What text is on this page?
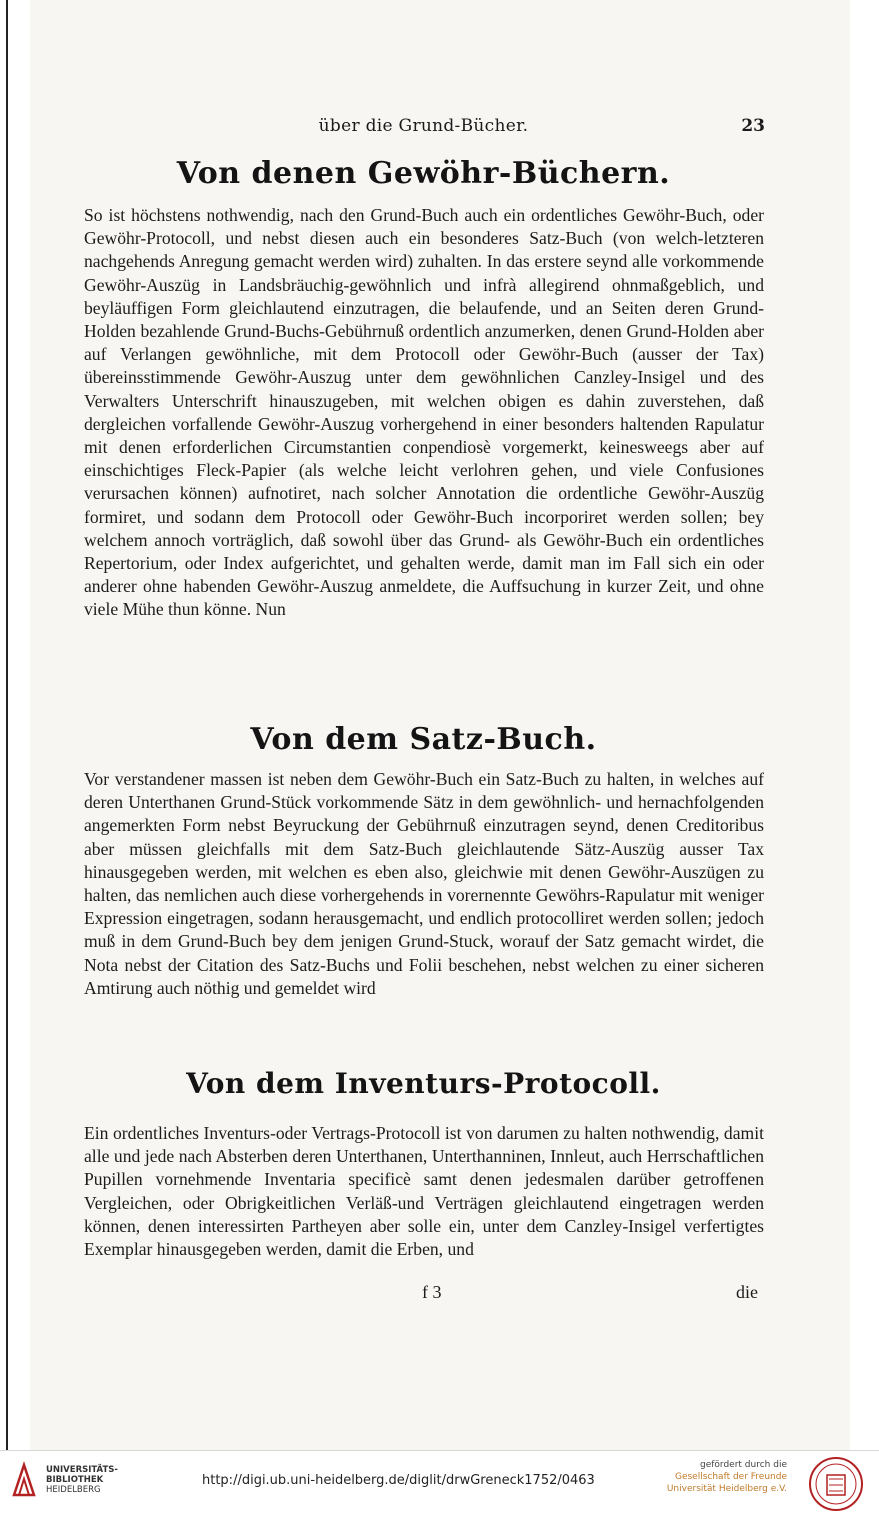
über die Grund-Bücher.	23
Von denen Gewöhr-Büchern.
So ist höchstens nothwendig, nach den Grund-Buch auch ein ordentliches Gewöhr-Buch, oder Gewöhr-Protocoll, und nebst diesen auch ein besonderes Satz-Buch (von welch-letzteren nachgehends Anregung gemacht werden wird) zuhalten. In das erstere seynd alle vorkommende Gewöhr-Auszüg in Landsbräuchig-gewöhnlich und infrà allegirend ohnmaßgeblich, und beyläuffigen Form gleichlautend einzutragen, die belaufende, und an Seiten deren Grund-Holden bezahlende Grund-Buchs-Gebührnuß ordentlich anzumerken, denen Grund-Holden aber auf Verlangen gewöhnliche, mit dem Protocoll oder Gewöhr-Buch (ausser der Tax) übereinsstimmende Gewöhr-Auszug unter dem gewöhnlichen Canzley-Insigel und des Verwalters Unterschrift hinauszugeben, mit welchen obigen es dahin zuverstehen, daß dergleichen vorfallende Gewöhr-Auszug vorhergehend in einer besonders haltenden Rapulatur mit denen erforderlichen Circumstantien conpendiosè vorgemerkt, keinesweegs aber auf einschichtiges Fleck-Papier (als welche leicht verlohren gehen, und viele Confusiones verursachen können) aufnotiret, nach solcher Annotation die ordentliche Gewöhr-Auszüg formiret, und sodann dem Protocoll oder Gewöhr-Buch incorporiret werden sollen; bey welchem annoch vorträglich, daß sowohl über das Grund- als Gewöhr-Buch ein ordentliches Repertorium, oder Index aufgerichtet, und gehalten werde, damit man im Fall sich ein oder anderer ohne habenden Gewöhr-Auszug anmeldete, die Auffsuchung in kurzer Zeit, und ohne viele Mühe thun könne. Nun
Von dem Satz-Buch.
Vor verstandener massen ist neben dem Gewöhr-Buch ein Satz-Buch zu halten, in welches auf deren Unterthanen Grund-Stück vorkommende Sätz in dem gewöhnlich- und hernachfolgenden angemerkten Form nebst Beyruckung der Gebührnuß einzutragen seynd, denen Creditoribus aber müssen gleichfalls mit dem Satz-Buch gleichlautende Sätz-Auszüg ausser Tax hinausgegeben werden, mit welchen es eben also, gleichwie mit denen Gewöhr-Auszügen zu halten, das nemlichen auch diese vorhergehends in vorernennte Gewöhrs-Rapulatur mit weniger Expression eingetragen, sodann herausgemacht, und endlich protocolliret werden sollen; jedoch muß in dem Grund-Buch bey dem jenigen Grund-Stuck, worauf der Satz gemacht wirdet, die Nota nebst der Citation des Satz-Buchs und Folii beschehen, nebst welchen zu einer sicheren Amtirung auch nöthig und gemeldet wird
Von dem Inventurs-Protocoll.
Ein ordentliches Inventurs-oder Vertrags-Protocoll ist von darumen zu halten nothwendig, damit alle und jede nach Absterben deren Unterthanen, Unterthanninen, Innleut, auch Herrschaftlichen Pupillen vornehmende Inventaria specificè samt denen jedesmalen darüber getroffenen Vergleichen, oder Obrigkeitlichen Verläß-und Verträgen gleichlautend eingetragen werden können, denen interessirten Partheyen aber solle ein, unter dem Canzley-Insigel verfertigtes Exemplar hinausgegeben werden, damit die Erben, und
f 3	die
UNIVERSITÄTS-
BIBLIOTHEK
HEIDELBERG
http://digi.ub.uni-heidelberg.de/diglit/drwGreneck1752/0463
gefördert durch die
Gesellschaft der Freunde
Universität Heidelberg e.V.
